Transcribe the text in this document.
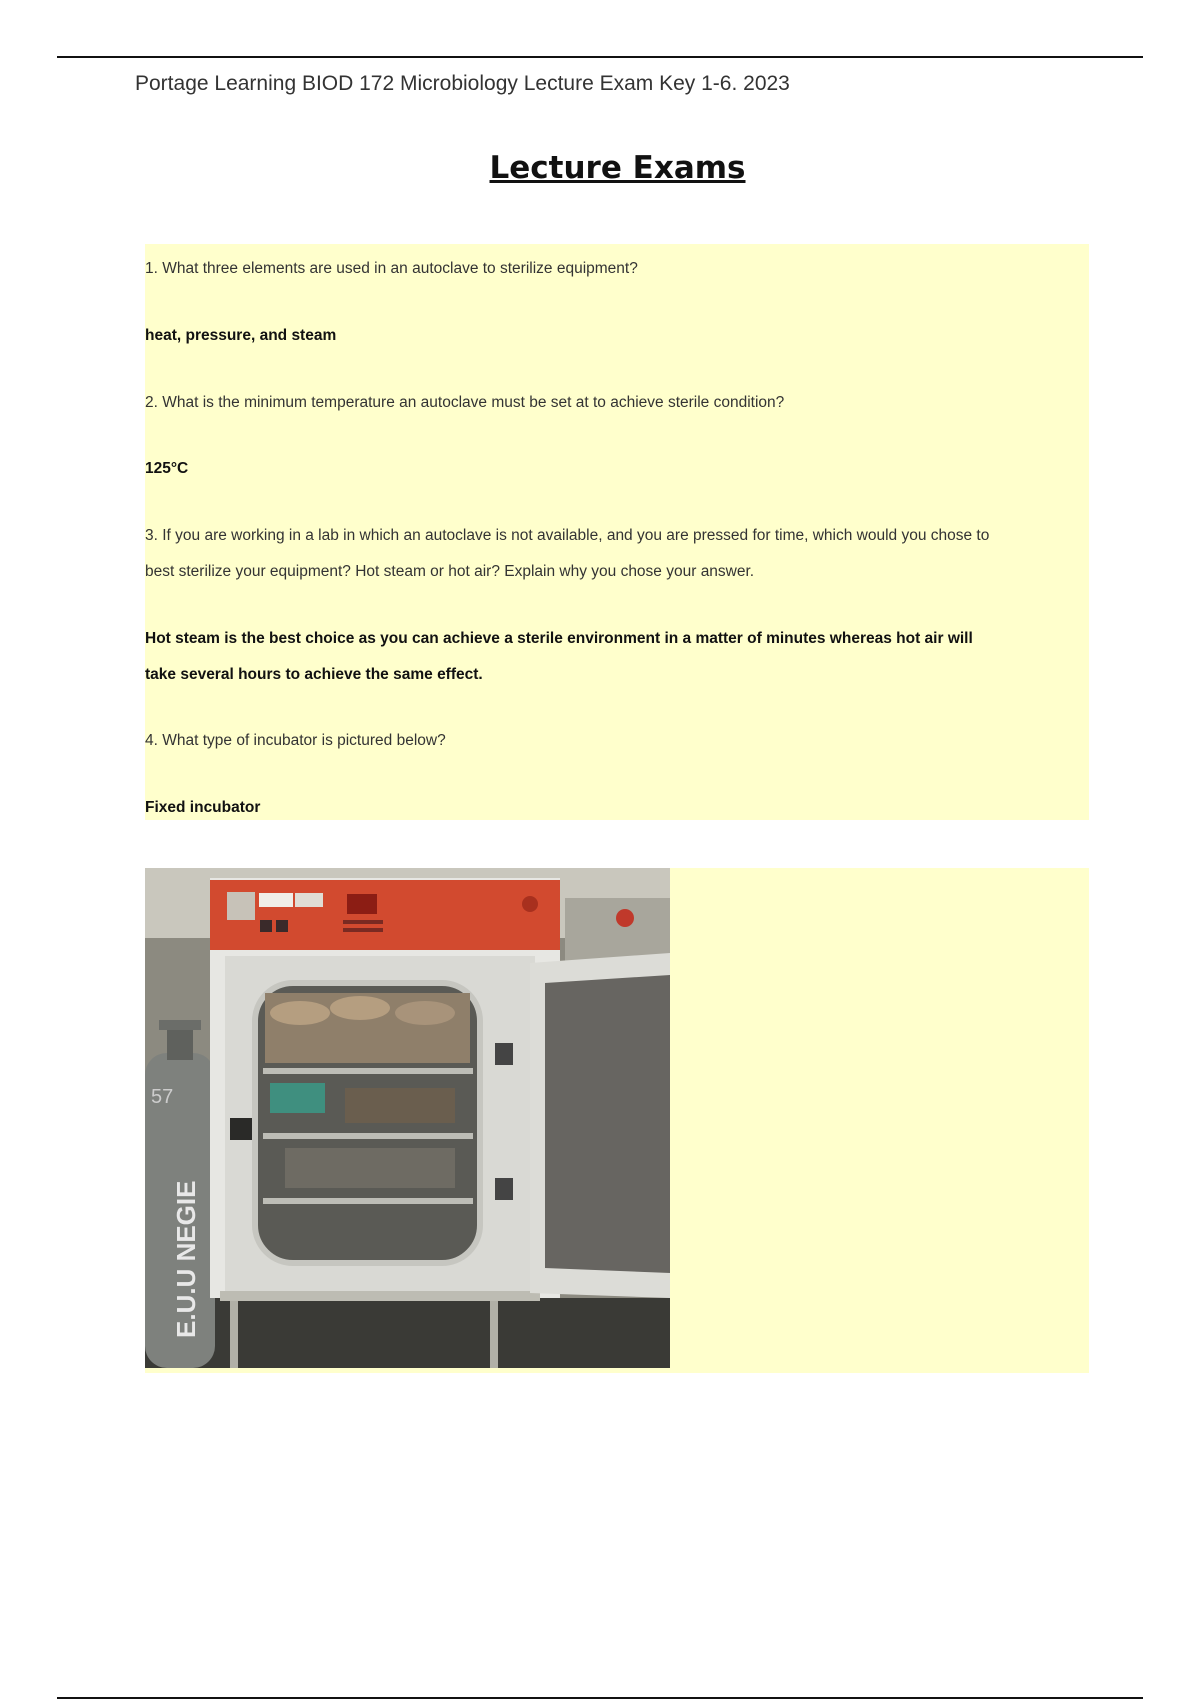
Portage Learning BIOD 172 Microbiology Lecture Exam Key 1-6. 2023
Lecture Exams
1. What three elements are used in an autoclave to sterilize equipment?
heat, pressure, and steam
2. What is the minimum temperature an autoclave must be set at to achieve sterile condition?
125°C
3. If you are working in a lab in which an autoclave is not available, and you are pressed for time, which would you chose to
best sterilize your equipment? Hot steam or hot air? Explain why you chose your answer.
Hot steam is the best choice as you can achieve a sterile environment in a matter of minutes whereas hot air will
take several hours to achieve the same effect.
4. What type of incubator is pictured below?
Fixed incubator
57
E.U.U NEGIE
